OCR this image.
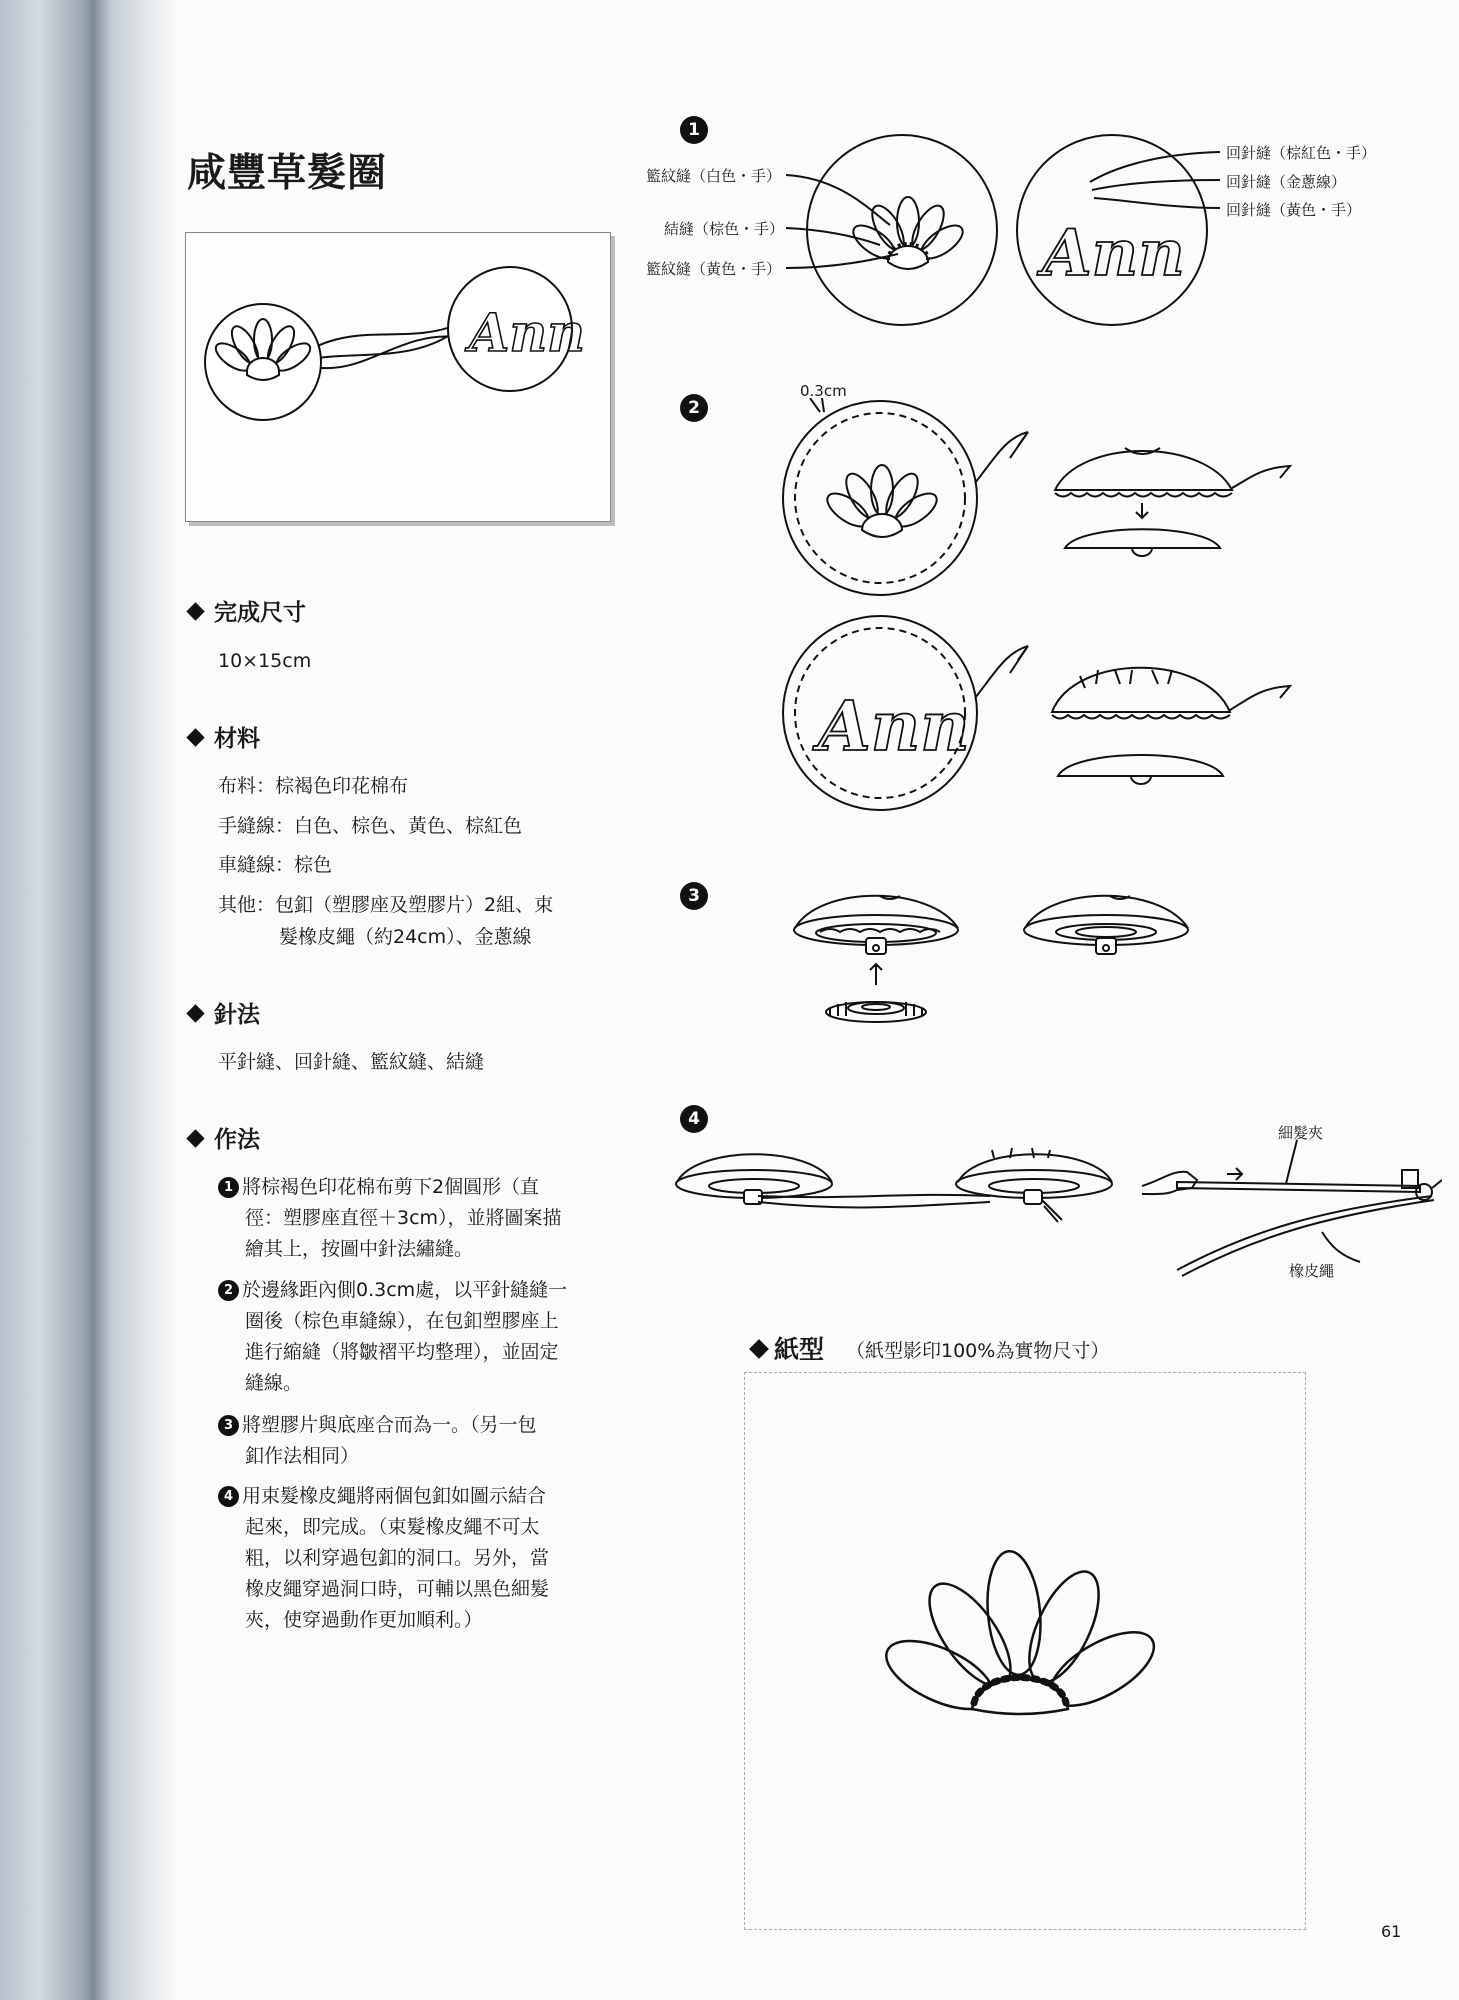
咸豐草髮圈
Ann
完成尺寸
10×15cm
材料
布料：棕褐色印花棉布
手縫線：白色、棕色、黃色、棕紅色
車縫線：棕色
其他：包釦（塑膠座及塑膠片）2組、束
髮橡皮繩（約24cm）、金蔥線
針法
平針縫、回針縫、籃紋縫、結縫
作法
1 將棕褐色印花棉布剪下2個圓形（直
徑：塑膠座直徑＋3cm），並將圖案描
繪其上，按圖中針法繡縫。
2 於邊緣距內側0.3cm處，以平針縫縫一
圈後（棕色車縫線），在包釦塑膠座上
進行縮縫（將皺褶平均整理），並固定
縫線。
3 將塑膠片與底座合而為一。（另一包
釦作法相同）
4 用束髮橡皮繩將兩個包釦如圖示結合
起來，即完成。（束髮橡皮繩不可太
粗，以利穿過包釦的洞口。另外，當
橡皮繩穿過洞口時，可輔以黑色細髮
夾，使穿過動作更加順利。）
1
籃紋縫（白色・手）
結縫（棕色・手）
籃紋縫（黃色・手）
回針縫（棕紅色・手）
回針縫（金蔥線）
回針縫（黃色・手）
Ann
2
0.3cm
Ann
3
4
細髮夾
橡皮繩
紙型 （紙型影印100%為實物尺寸）
61
